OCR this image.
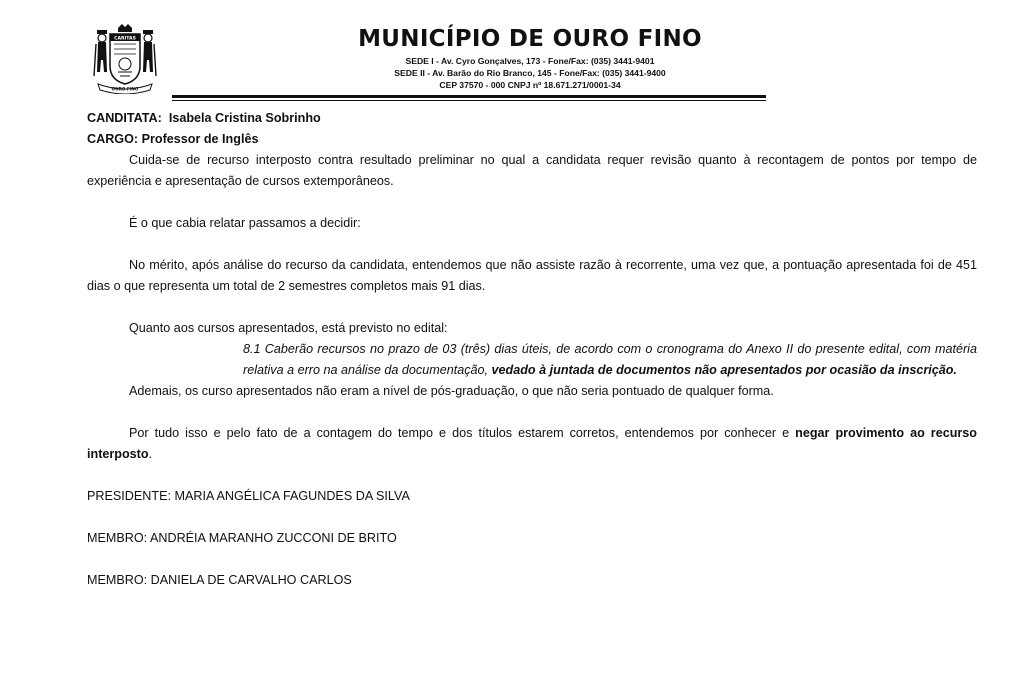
CARITAS
OURO FINO
MUNICÍPIO DE OURO FINO
SEDE I - Av. Cyro Gonçalves, 173 - Fone/Fax: (035) 3441-9401
SEDE II - Av. Barão do Rio Branco, 145 - Fone/Fax: (035) 3441-9400
CEP 37570 - 000 CNPJ nº 18.671.271/0001-34

CANDITATA: Isabela Cristina Sobrinho

CARGO: Professor de Inglês

Cuida-se de recurso interposto contra resultado preliminar no qual a candidata requer revisão quanto à recontagem de pontos por tempo de experiência e apresentação de cursos extemporâneos.

É o que cabia relatar passamos a decidir:

No mérito, após análise do recurso da candidata, entendemos que não assiste razão à recorrente, uma vez que, a pontuação apresentada foi de 451 dias o que representa um total de 2 semestres completos mais 91 dias.

Quanto aos cursos apresentados, está previsto no edital:

8.1 Caberão recursos no prazo de 03 (três) dias úteis, de acordo com o cronograma do Anexo II do presente edital, com matéria relativa a erro na análise da documentação, vedado à juntada de documentos não apresentados por ocasião da inscrição.

Ademais, os curso apresentados não eram a nível de pós-graduação, o que não seria pontuado de qualquer forma.

Por tudo isso e pelo fato de a contagem do tempo e dos títulos estarem corretos, entendemos por conhecer e negar provimento ao recurso interposto.

PRESIDENTE: MARIA ANGÉLICA FAGUNDES DA SILVA

MEMBRO: ANDRÉIA MARANHO ZUCCONI DE BRITO

MEMBRO: DANIELA DE CARVALHO CARLOS
